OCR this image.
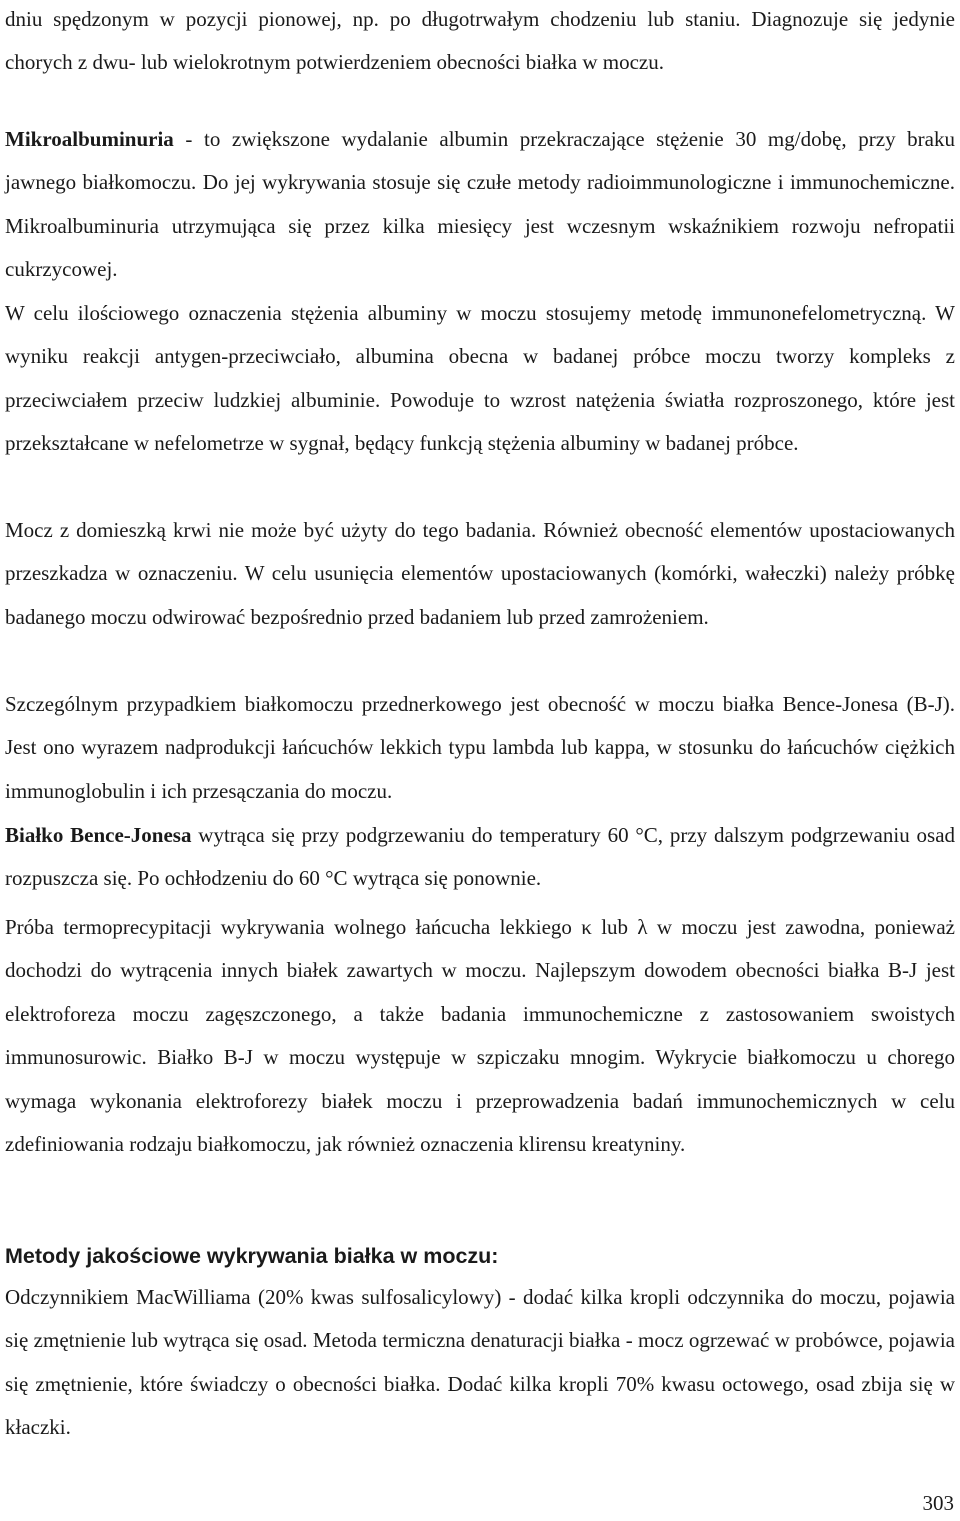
dniu spędzonym w pozycji pionowej, np. po długotrwałym chodzeniu lub staniu. Diagnozuje się jedynie chorych z dwu- lub wielokrotnym potwierdzeniem obecności białka w moczu.

Mikroalbuminuria - to zwiększone wydalanie albumin przekraczające stężenie 30 mg/dobę, przy braku jawnego białkomoczu. Do jej wykrywania stosuje się czułe metody radioimmunologiczne i immunochemiczne. Mikroalbuminuria utrzymująca się przez kilka miesięcy jest wczesnym wskaźnikiem rozwoju nefropatii cukrzycowej.

W celu ilościowego oznaczenia stężenia albuminy w moczu stosujemy metodę immunonefelometryczną. W wyniku reakcji antygen-przeciwciało, albumina obecna w badanej próbce moczu tworzy kompleks z przeciwciałem przeciw ludzkiej albuminie. Powoduje to wzrost natężenia światła rozproszonego, które jest przekształcane w nefelometrze w sygnał, będący funkcją stężenia albuminy w badanej próbce.

Mocz z domieszką krwi nie może być użyty do tego badania. Również obecność elementów upostaciowanych przeszkadza w oznaczeniu. W celu usunięcia elementów upostaciowanych (komórki, wałeczki) należy próbkę badanego moczu odwirować bezpośrednio przed badaniem lub przed zamrożeniem.

Szczególnym przypadkiem białkomoczu przednerkowego jest obecność w moczu białka Bence-Jonesa (B-J). Jest ono wyrazem nadprodukcji łańcuchów lekkich typu lambda lub kappa, w stosunku do łańcuchów ciężkich immunoglobulin i ich przesączania do moczu.

Białko Bence-Jonesa wytrąca się przy podgrzewaniu do temperatury 60 °C, przy dalszym podgrzewaniu osad rozpuszcza się. Po ochłodzeniu do 60 °C wytrąca się ponownie.

Próba termoprecypitacji wykrywania wolnego łańcucha lekkiego κ lub λ w moczu jest zawodna, ponieważ dochodzi do wytrącenia innych białek zawartych w moczu. Najlepszym dowodem obecności białka B-J jest elektroforeza moczu zagęszczonego, a także badania immunochemiczne z zastosowaniem swoistych immunosurowic. Białko B-J w moczu występuje w szpiczaku mnogim. Wykrycie białkomoczu u chorego wymaga wykonania elektroforezy białek moczu i przeprowadzenia badań immunochemicznych w celu zdefiniowania rodzaju białkomoczu, jak również oznaczenia klirensu kreatyniny.

Metody jakościowe wykrywania białka w moczu:

Odczynnikiem MacWilliama (20% kwas sulfosalicylowy) - dodać kilka kropli odczynnika do moczu, pojawia się zmętnienie lub wytrąca się osad. Metoda termiczna denaturacji białka - mocz ogrzewać w probówce, pojawia się zmętnienie, które świadczy o obecności białka. Dodać kilka kropli 70% kwasu octowego, osad zbija się w kłaczki.

303
